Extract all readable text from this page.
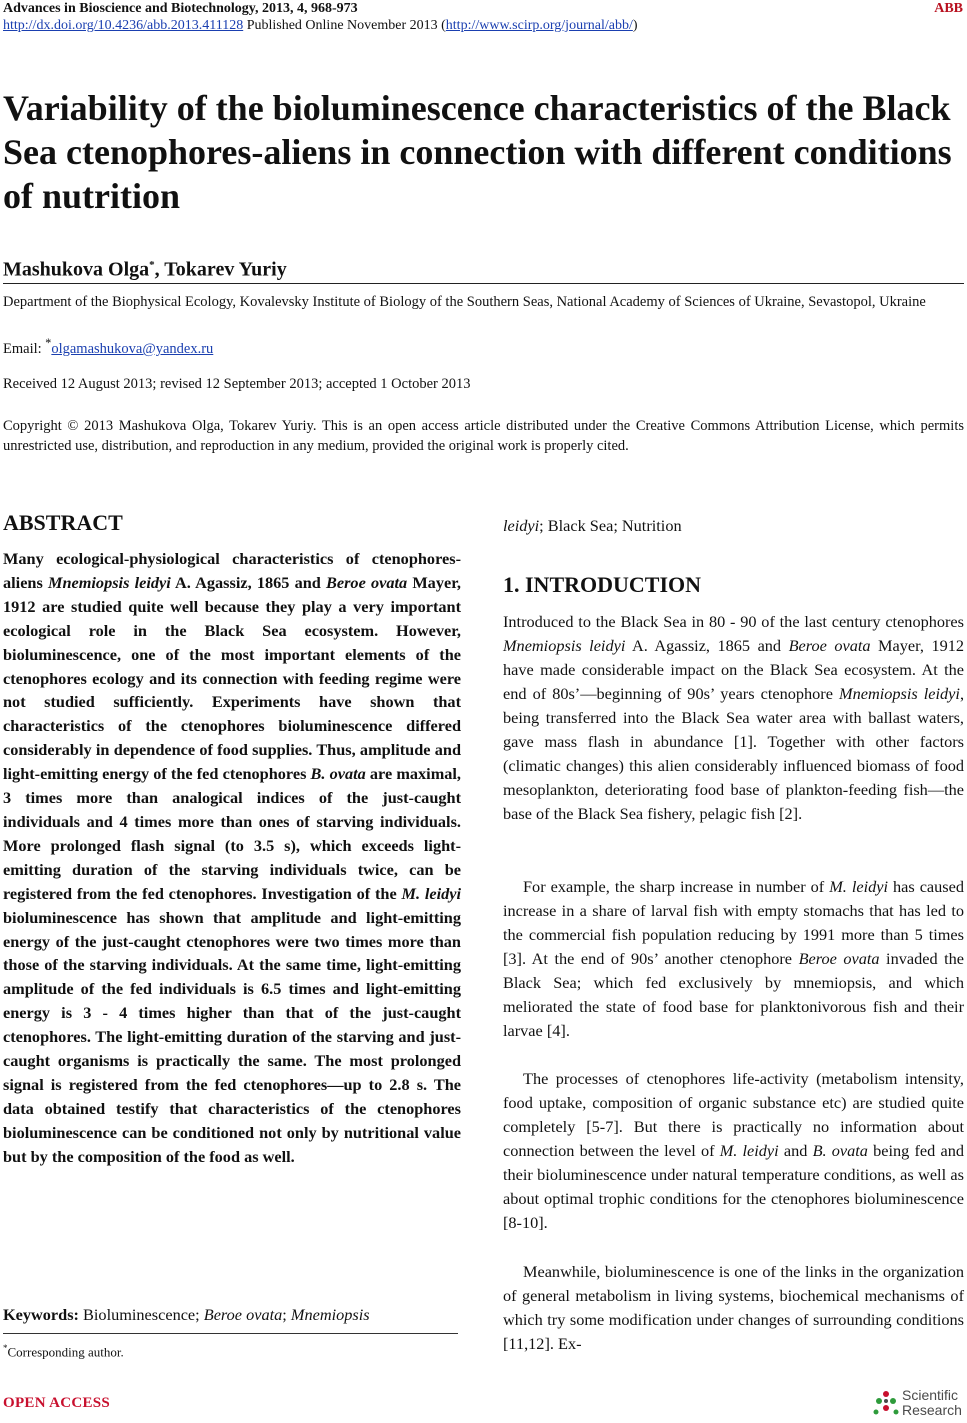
Advances in Bioscience and Biotechnology, 2013, 4, 968-973	ABB
http://dx.doi.org/10.4236/abb.2013.411128 Published Online November 2013 (http://www.scirp.org/journal/abb/)
Variability of the bioluminescence characteristics of the Black Sea ctenophores-aliens in connection with different conditions of nutrition
Mashukova Olga*, Tokarev Yuriy
Department of the Biophysical Ecology, Kovalevsky Institute of Biology of the Southern Seas, National Academy of Sciences of Ukraine, Sevastopol, Ukraine
Email: *olgamashukova@yandex.ru
Received 12 August 2013; revised 12 September 2013; accepted 1 October 2013
Copyright © 2013 Mashukova Olga, Tokarev Yuriy. This is an open access article distributed under the Creative Commons Attribution License, which permits unrestricted use, distribution, and reproduction in any medium, provided the original work is properly cited.
ABSTRACT
Many ecological-physiological characteristics of ctenophores-aliens Mnemiopsis leidyi A. Agassiz, 1865 and Beroe ovata Mayer, 1912 are studied quite well because they play a very important ecological role in the Black Sea ecosystem. However, bioluminescence, one of the most important elements of the ctenophores ecology and its connection with feeding regime were not studied sufficiently. Experiments have shown that characteristics of the ctenophores bioluminescence differed considerably in dependence of food supplies. Thus, amplitude and light-emitting energy of the fed ctenophores B. ovata are maximal, 3 times more than analogical indices of the just-caught individuals and 4 times more than ones of starving individuals. More prolonged flash signal (to 3.5 s), which exceeds light-emitting duration of the starving individuals twice, can be registered from the fed ctenophores. Investigation of the M. leidyi bioluminescence has shown that amplitude and light-emitting energy of the just-caught ctenophores were two times more than those of the starving individuals. At the same time, light-emitting amplitude of the fed individuals is 6.5 times and light-emitting energy is 3 - 4 times higher than that of the just-caught ctenophores. The light-emitting duration of the starving and just-caught organisms is practically the same. The most prolonged signal is registered from the fed ctenophores—up to 2.8 s. The data obtained testify that characteristics of the ctenophores bioluminescence can be conditioned not only by nutritional value but by the composition of the food as well.
Keywords: Bioluminescence; Beroe ovata; Mnemiopsis
*Corresponding author.
OPEN ACCESS
leidyi; Black Sea; Nutrition
1. INTRODUCTION
Introduced to the Black Sea in 80 - 90 of the last century ctenophores Mnemiopsis leidyi A. Agassiz, 1865 and Beroe ovata Mayer, 1912 have made considerable impact on the Black Sea ecosystem. At the end of 80s’—beginning of 90s’ years ctenophore Mnemiopsis leidyi, being transferred into the Black Sea water area with ballast waters, gave mass flash in abundance [1]. Together with other factors (climatic changes) this alien considerably influenced biomass of food mesoplankton, deteriorating food base of plankton-feeding fish—the base of the Black Sea fishery, pelagic fish [2].
For example, the sharp increase in number of M. leidyi has caused increase in a share of larval fish with empty stomachs that has led to the commercial fish population reducing by 1991 more than 5 times [3]. At the end of 90s’ another ctenophore Beroe ovata invaded the Black Sea; which fed exclusively by mnemiopsis, and which meliorated the state of food base for planktonivorous fish and their larvae [4].
The processes of ctenophores life-activity (metabolism intensity, food uptake, composition of organic substance etc) are studied quite completely [5-7]. But there is practically no information about connection between the level of M. leidyi and B. ovata being fed and their bioluminescence under natural temperature conditions, as well as about optimal trophic conditions for the ctenophores bioluminescence [8-10].
Meanwhile, bioluminescence is one of the links in the organization of general metabolism in living systems, biochemical mechanisms of which try some modification under changes of surrounding conditions [11,12]. Ex-
Scientific
Research
